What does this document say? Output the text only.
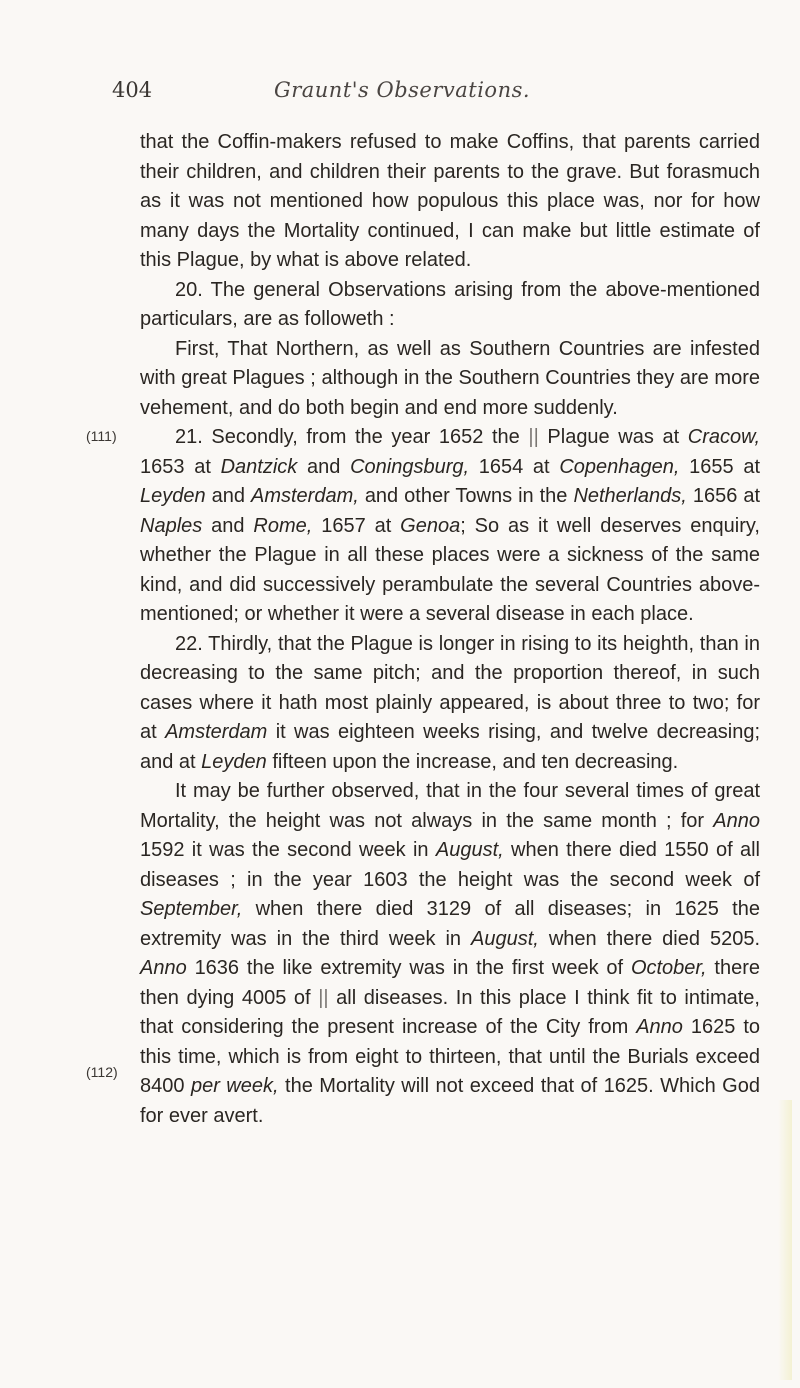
404	Graunt's Observations.
(111)
(112)

that the Coffin-makers refused to make Coffins, that parents carried their children, and children their parents to the grave. But forasmuch as it was not mentioned how populous this place was, nor for how many days the Mortality continued, I can make but little estimate of this Plague, by what is above related.

20. The general Observations arising from the above-mentioned particulars, are as followeth :

First, That Northern, as well as Southern Countries are infested with great Plagues ; although in the Southern Countries they are more vehement, and do both begin and end more suddenly.

21. Secondly, from the year 1652 the || Plague was at Cracow, 1653 at Dantzick and Coningsburg, 1654 at Copenhagen, 1655 at Leyden and Amsterdam, and other Towns in the Netherlands, 1656 at Naples and Rome, 1657 at Genoa; So as it well deserves enquiry, whether the Plague in all these places were a sickness of the same kind, and did successively perambulate the several Countries above-mentioned; or whether it were a several disease in each place.

22. Thirdly, that the Plague is longer in rising to its heighth, than in decreasing to the same pitch; and the proportion thereof, in such cases where it hath most plainly appeared, is about three to two; for at Amsterdam it was eighteen weeks rising, and twelve decreasing; and at Leyden fifteen upon the increase, and ten decreasing.

It may be further observed, that in the four several times of great Mortality, the height was not always in the same month ; for Anno 1592 it was the second week in August, when there died 1550 of all diseases ; in the year 1603 the height was the second week of September, when there died 3129 of all diseases; in 1625 the extremity was in the third week in August, when there died 5205. Anno 1636 the like extremity was in the first week of October, there then dying 4005 of || all diseases. In this place I think fit to intimate, that considering the present increase of the City from Anno 1625 to this time, which is from eight to thirteen, that until the Burials exceed 8400 per week, the Mortality will not exceed that of 1625. Which God for ever avert.
